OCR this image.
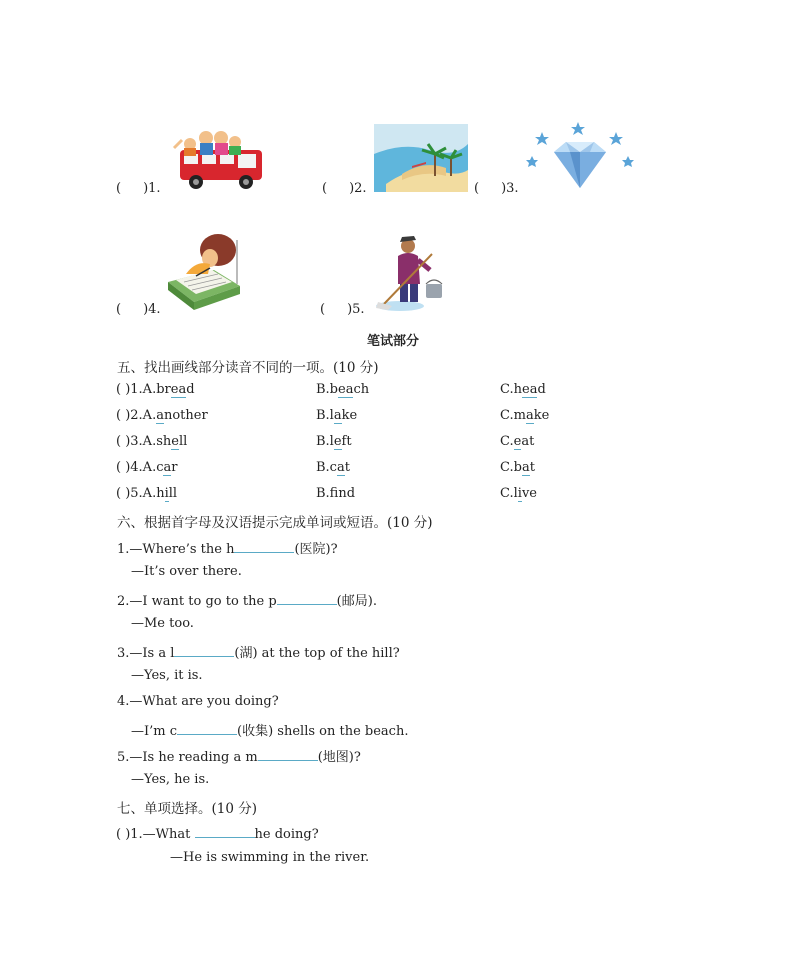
( )1.	( )2.	( )3.
( )4.	( )5.
笔试部分
五、找出画线部分读音不同的一项。(10 分)
( )1.A.bread	B.beach	C.head
( )2.A.another	B.lake	C.make
( )3.A.shell	B.left	C.eat
( )4.A.car	B.cat	C.bat
( )5.A.hill	B.fnd	C.live
六、根据首字母及汉语提示完成单词或短语。(10 分)
1.—Where’s the h	(医院)?
—It’s over there.
2.—I want to go to the p	(邮局).
—Me too.
3.—Is a l	(湖) at the top of the hill?
—Yes, it is.
4.—What are you doing?
—I’m c	(收集) shells on the beach.
5.—Is he reading a m	(地图)?
—Yes, he is.
七、单项选择。(10 分)
( )1.—What	he doing?
—He is swimming in the river.
